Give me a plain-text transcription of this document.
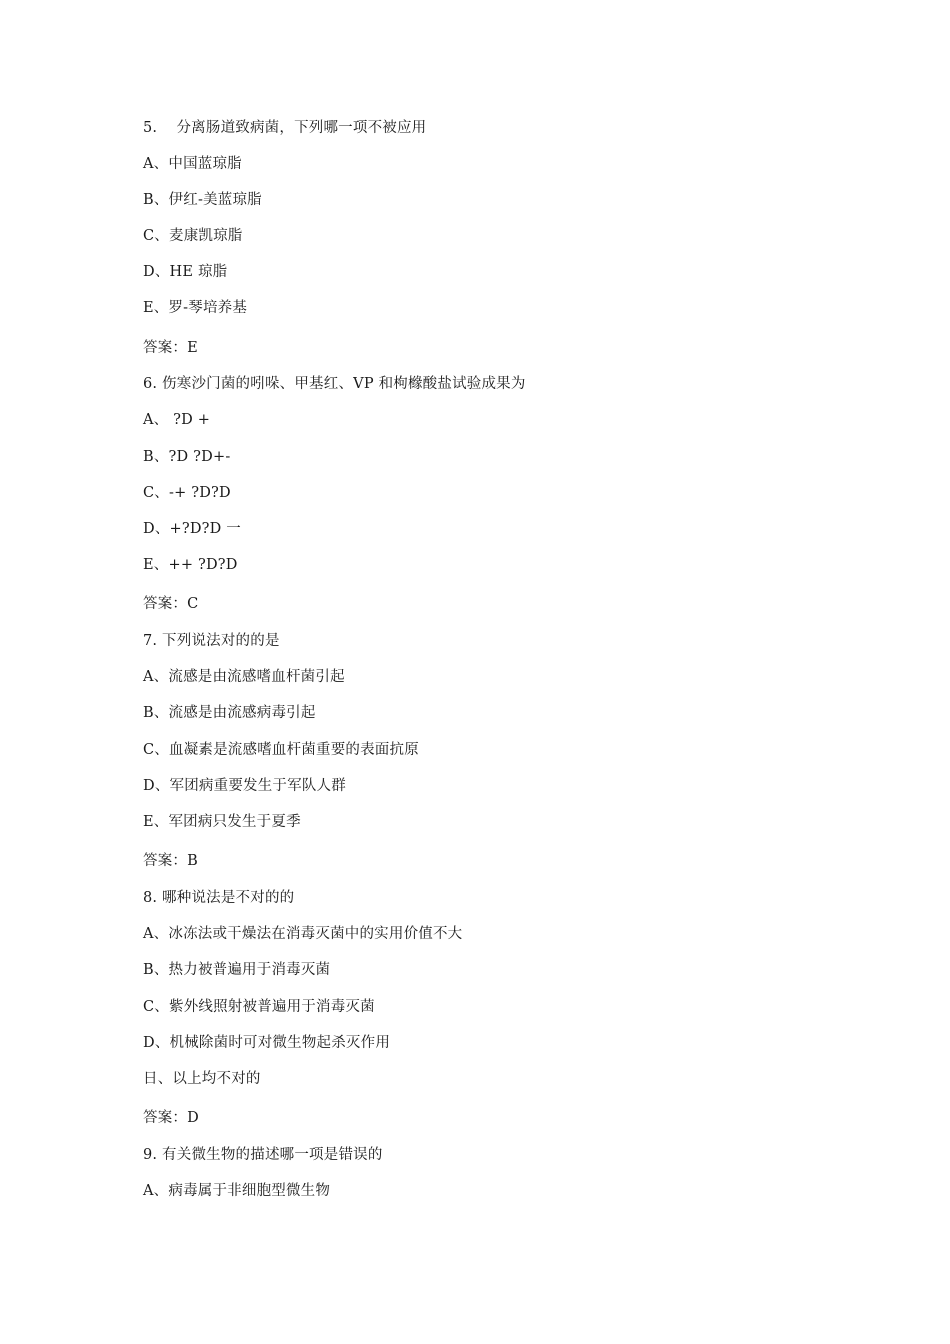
5.    分离肠道致病菌，下列哪一项不被应用
A、中国蓝琼脂
B、伊红-美蓝琼脂
C、麦康凯琼脂
D、HE 琼脂
E、罗-琴培养基
答案：E
6. 伤寒沙门菌的吲哚、甲基红、VP 和枸橼酸盐试验成果为
A、 ?D +
B、?D ?D+-
C、-+ ?D?D
D、+?D?D 一
E、++ ?D?D
答案：C
7. 下列说法对的的是
A、流感是由流感嗜血杆菌引起
B、流感是由流感病毒引起
C、血凝素是流感嗜血杆菌重要的表面抗原
D、军团病重要发生于军队人群
E、军团病只发生于夏季
答案：B
8. 哪种说法是不对的的
A、冰冻法或干燥法在消毒灭菌中的实用价值不大
B、热力被普遍用于消毒灭菌
C、紫外线照射被普遍用于消毒灭菌
D、机械除菌时可对微生物起杀灭作用
日、以上均不对的
答案：D
9. 有关微生物的描述哪一项是错误的
A、病毒属于非细胞型微生物
